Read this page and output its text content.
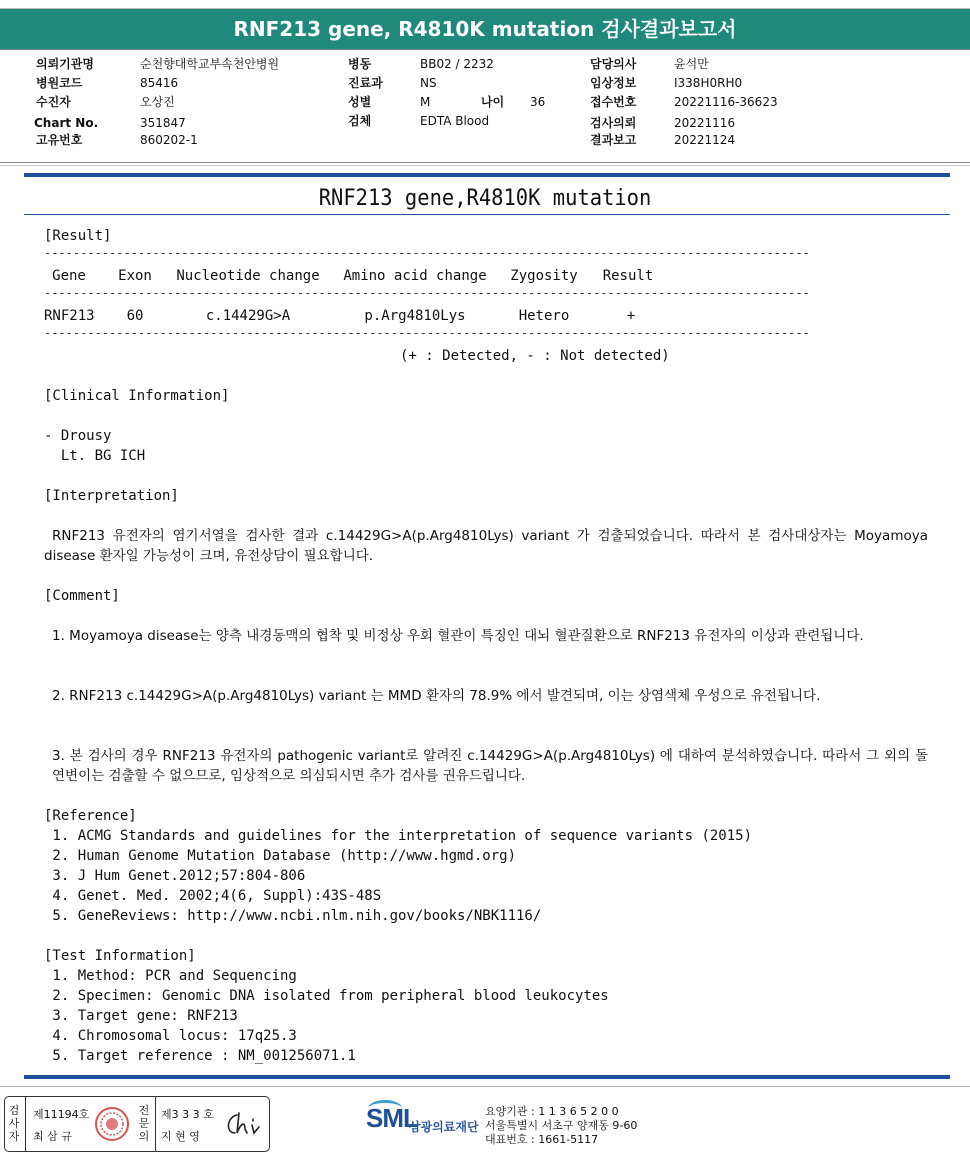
RNF213 gene, R4810K mutation 검사결과보고서
의뢰기관명	순천향대학교부속천안병원
병원코드	85416
수진자	오상진
Chart No.	351847
고유번호	860202-1
병동	BB02 / 2232
진료과	NS
성별	M	나이 36
검체	EDTA Blood
담당의사	윤석만
임상정보	I338H0RH0
접수번호	20221116-36623
검사의뢰	20221116
결과보고	20221124
RNF213 gene,R4810K mutation
[Result]
----------------------------------------------------------------------------------------------------------
Gene	Exon	Nucleotide change	Amino acid change	Zygosity	Result
----------------------------------------------------------------------------------------------------------
RNF213	60	c.14429G>A	p.Arg4810Lys	Hetero	+
----------------------------------------------------------------------------------------------------------
(+ : Detected, - : Not detected)
[Clinical Information]
- Drousy
Lt. BG ICH
[Interpretation]
RNF213 유전자의 염기서열을 검사한 결과 c.14429G>A(p.Arg4810Lys) variant 가 검출되었습니다. 따라서 본 검사대상자는 Moyamoya disease 환자일 가능성이 크며, 유전상담이 필요합니다.
[Comment]
1. Moyamoya disease는 양측 내경동맥의 협착 및 비정상 우회 혈관이 특징인 대뇌 혈관질환으로 RNF213 유전자의 이상과 관련됩니다.
2. RNF213 c.14429G>A(p.Arg4810Lys) variant 는 MMD 환자의 78.9% 에서 발견되며, 이는 상염색체 우성으로 유전됩니다.
3. 본 검사의 경우 RNF213 유전자의 pathogenic variant로 알려진 c.14429G>A(p.Arg4810Lys) 에 대하여 분석하였습니다. 따라서 그 외의 돌연변이는 검출할 수 없으므로, 임상적으로 의심되시면 추가 검사를 권유드립니다.
[Reference]
1. ACMG Standards and guidelines for the interpretation of sequence variants (2015)
2. Human Genome Mutation Database (http://www.hgmd.org)
3. J Hum Genet.2012;57:804-806
4. Genet. Med. 2002;4(6, Suppl):43S-48S
5. GeneReviews: http://www.ncbi.nlm.nih.gov/books/NBK1116/
[Test Information]
1. Method: PCR and Sequencing
2. Specimen: Genomic DNA isolated from peripheral blood leukocytes
3. Target gene: RNF213
4. Chromosomal locus: 17q25.3
5. Target reference : NM_001256071.1
검
사
자
제11194호
최 삼 규
전
문
의
제3 3 3 호
지 현 영
SML
삼광의료재단
요양기관 : 1 1 3 6 5 2 0 0
서울특별시 서초구 양재동 9-60
대표번호 : 1661-5117
